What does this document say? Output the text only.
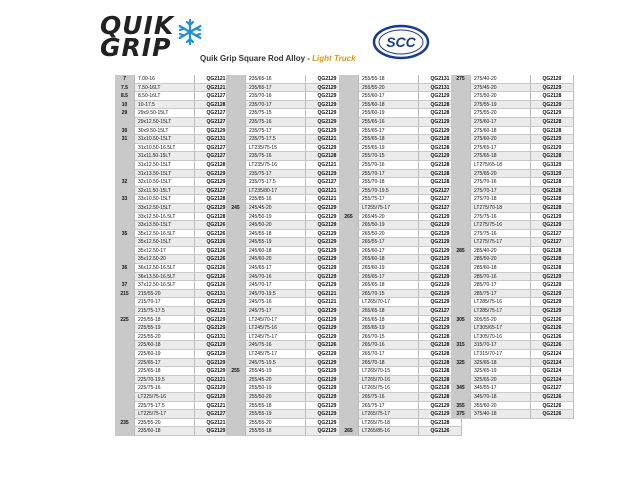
QUIK
GRIP	Quik Grip Square Rod Alloy - Light Truck
SCC
7	7.00-16	QG2121
7.5	7.50-16LT	QG2121
8.5	8.50-16LT	QG2127
10	10-17.5	QG2128
29	29x9.50-15LT	QG2127
29x12.50-15LT	QG2127
30	30x9.50-15LT	QG2129
31	31x10.50-15LT	QG2131
31x10.50-16.5LT	QG2127
31x11.50-15LT	QG2127
31x12.50-15LT	QG2128
31x13.50-15LT	QG2129
32	32x10.50-15LT	QG2129
32x11.50-15LT	QG2127
33	33x10.50-15LT	QG2128
33x12.50-15LT	QG2129
33x12.50-16.5LT	QG2128
33x13.50-15LT	QG2126
35	35x12.50-16.5LT	QG2126
35x12.50-15LT	QG2126
35x12.50-17	QG2126
35x12.50-20	QG2126
36	36x12.50-16.5LT	QG2126
36x13.50-16.5LT	QG2126
37	37x12.50-16.5LT	QG2126
215	215/55-20	QG2131
215/70-17	QG2129
215/75-17.5	QG2121
225	225/55-18	QG2129
225/55-19	QG2129
225/55-20	QG2131
225/60-18	QG2129
225/60-19	QG2129
225/65-17	QG2129
225/65-18	QG2129
225/70-19.5	QG2121
225/75-16	QG2129
LT225/75-16	QG2129
225/75-17.5	QG2121
LT225/75-17	QG2127
235	235/55-20	QG2121
235/60-18	QG2129
235/65-16	QG2129
235/65-17	QG2129
235/70-16	QG2129
235/70-17	QG2129
235/75-15	QG2129
235/75-16	QG2129
235/75-17	QG2129
235/75-17.5	QG2121
LT235/75-15	QG2129
235/75-16	QG2128
LT235/75-16	QG2121
235/75-17	QG2129
235/75-17.5	QG2127
LT235/80-17	QG2121
235/85-16	QG2121
245	245/45-20	QG2129
245/50-19	QG2129
245/50-20	QG2129
245/55-18	QG2129
245/55-19	QG2129
245/60-18	QG2129
245/60-20	QG2129
245/65-17	QG2129
245/70-16	QG2129
245/70-17	QG2129
245/70-19.5	QG2121
245/75-16	QG2121
245/75-17	QG2129
LT245/70-17	QG2129
LT245/75-16	QG2129
LT245/75-17	QG2129
245/75-16	QG2126
LT245/75-17	QG2129
245/75-19.5	QG2129
255	255/45-19	QG2129
255/45-20	QG2129
255/50-19	QG2129
255/50-20	QG2129
255/55-18	QG2129
255/55-19	QG2129
255/55-20	QG2129
255/55-18	QG2129
255/55-18	QG2131
255/55-20	QG2131
255/60-17	QG2129
255/60-18	QG2128
255/60-19	QG2128
255/65-16	QG2129
255/65-17	QG2129
255/65-18	QG2128
255/65-19	QG2128
255/70-15	QG2129
255/70-16	QG2128
255/70-17	QG2128
255/70-18	QG2128
255/70-19.5	QG2127
255/75-17	QG2127
LT255/75-17	QG2127
265	265/45-20	QG2129
265/50-19	QG2129
265/50-20	QG2129
265/55-17	QG2129
265/60-17	QG2129
265/60-18	QG2129
265/60-19	QG2128
265/65-17	QG2129
265/65-18	QG2129
265/70-15	QG2129
LT265/70-17	QG2129
265/65-18	QG2127
265/65-18	QG2129
265/65-19	QG2129
265/70-15	QG2128
265/70-16	QG2128
265/70-17	QG2128
265/70-18	QG2128
LT265/70-15	QG2128
LT265/70-16	QG2128
LT265/75-16	QG2128
265/75-16	QG2128
265/75-17	QG2129
LT265/75-17	QG2129
LT265/75-18	QG2128
265	LT265/85-16	QG2126
275	275/40-20	QG2129
275/45-20	QG2129
275/50-20	QG2128
275/55-19	QG2129
275/55-20	QG2129
275/60-17	QG2128
275/60-18	QG2128
275/60-20	QG2129
275/65-17	QG2129
275/65-18	QG2128
LT275/65-18	QG3129
275/65-20	QG3129
275/70-16	QG2128
275/70-17	QG2128
275/70-18	QG2128
LT275/70-18	QG2128
275/75-16	QG2129
LT275/75-16	QG2129
275/75-16	QG2127
LT275/75-17	QG2127
285	285/40-20	QG2128
285/50-20	QG2128
285/60-18	QG2128
285/70-16	QG2129
285/70-17	QG2129
285/75-17	QG2129
LT285/75-16	QG2129
LT285/75-17	QG2129
305	305/55-20	QG2126
LT305/65-17	QG2126
LT305/70-16	QG2126
315	315/70-17	QG2126
LT315/70-17	QG2124
325	325/65-18	QG2124
325/65-19	QG2124
325/65-20	QG2124
345	345/55-17	QG2127
345/70-18	QG2126
355	355/60-20	QG2126
375	375/40-18	QG2126
